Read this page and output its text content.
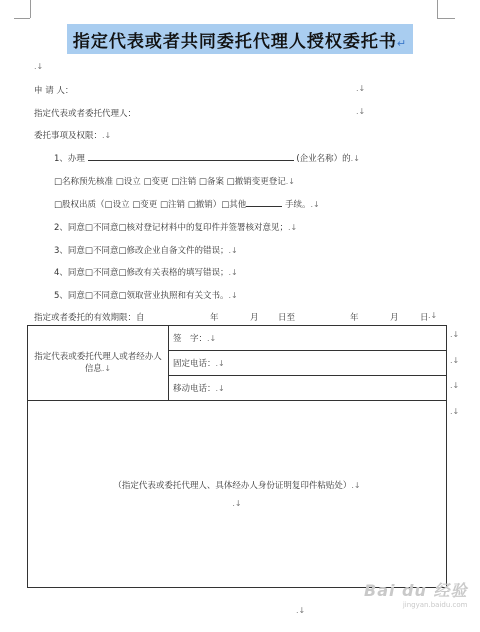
指定代表或者共同委托代理人授权委托书↵
.↓
申 请 人：	.↓
指定代表或者委托代理人：	.↓
委托事项及权限：.↓
1、办理	(企业名称）的.↓
□名称预先核准 □设立 □变更 □注销 □备案 □撤销变更登记.↓
□股权出质（□设立 □变更 □注销 □撤销）□其他	手续。.↓
2、同意□不同意□核对登记材料中的复印件并签署核对意见；.↓
3、同意□不同意□修改企业自备文件的错误；.↓
4、同意□不同意□修改有关表格的填写错误；.↓
5、同意□不同意□领取营业执照和有关文书。.↓
指定或者委托的有效期限：自	年	月 日至	年	月	日 .↓
指定代表或委托代理人或者经办人信息.↓	签　字：.↓
固定电话：.↓
移动电话：.↓

（指定代表或委托代理人、具体经办人身份证明复印件粘贴处）.↓
.↓
.↓
.↓
.↓
.↓
.↓
Bai du 经验
jingyan.baidu.com
